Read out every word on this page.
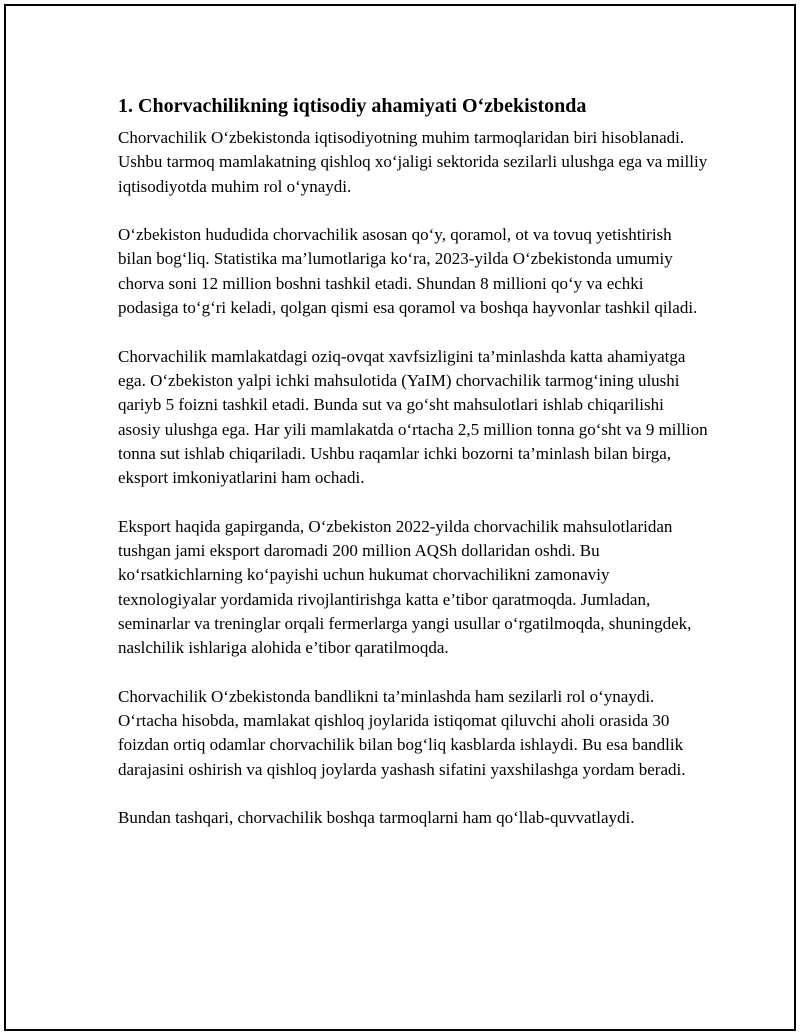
1. Chorvachilikning iqtisodiy ahamiyati O‘zbekistonda

Chorvachilik O‘zbekistonda iqtisodiyotning muhim tarmoqlaridan biri hisoblanadi. Ushbu tarmoq mamlakatning qishloq xo‘jaligi sektorida sezilarli ulushga ega va milliy iqtisodiyotda muhim rol o‘ynaydi.

O‘zbekiston hududida chorvachilik asosan qo‘y, qoramol, ot va tovuq yetishtirish bilan bog‘liq. Statistika ma’lumotlariga ko‘ra, 2023-yilda O‘zbekistonda umumiy chorva soni 12 million boshni tashkil etadi. Shundan 8 millioni qo‘y va echki podasiga to‘g‘ri keladi, qolgan qismi esa qoramol va boshqa hayvonlar tashkil qiladi.

Chorvachilik mamlakatdagi oziq-ovqat xavfsizligini ta’minlashda katta ahamiyatga ega. O‘zbekiston yalpi ichki mahsulotida (YaIM) chorvachilik tarmog‘ining ulushi qariyb 5 foizni tashkil etadi. Bunda sut va go‘sht mahsulotlari ishlab chiqarilishi asosiy ulushga ega. Har yili mamlakatda o‘rtacha 2,5 million tonna go‘sht va 9 million tonna sut ishlab chiqariladi. Ushbu raqamlar ichki bozorni ta’minlash bilan birga, eksport imkoniyatlarini ham ochadi.

Eksport haqida gapirganda, O‘zbekiston 2022-yilda chorvachilik mahsulotlaridan tushgan jami eksport daromadi 200 million AQSh dollaridan oshdi. Bu ko‘rsatkichlarning ko‘payishi uchun hukumat chorvachilikni zamonaviy texnologiyalar yordamida rivojlantirishga katta e’tibor qaratmoqda. Jumladan, seminarlar va treninglar orqali fermerlarga yangi usullar o‘rgatilmoqda, shuningdek, naslchilik ishlariga alohida e’tibor qaratilmoqda.

Chorvachilik O‘zbekistonda bandlikni ta’minlashda ham sezilarli rol o‘ynaydi. O‘rtacha hisobda, mamlakat qishloq joylarida istiqomat qiluvchi aholi orasida 30 foizdan ortiq odamlar chorvachilik bilan bog‘liq kasblarda ishlaydi. Bu esa bandlik darajasini oshirish va qishloq joylarda yashash sifatini yaxshilashga yordam beradi.

Bundan tashqari, chorvachilik boshqa tarmoqlarni ham qo‘llab-quvvatlaydi.
